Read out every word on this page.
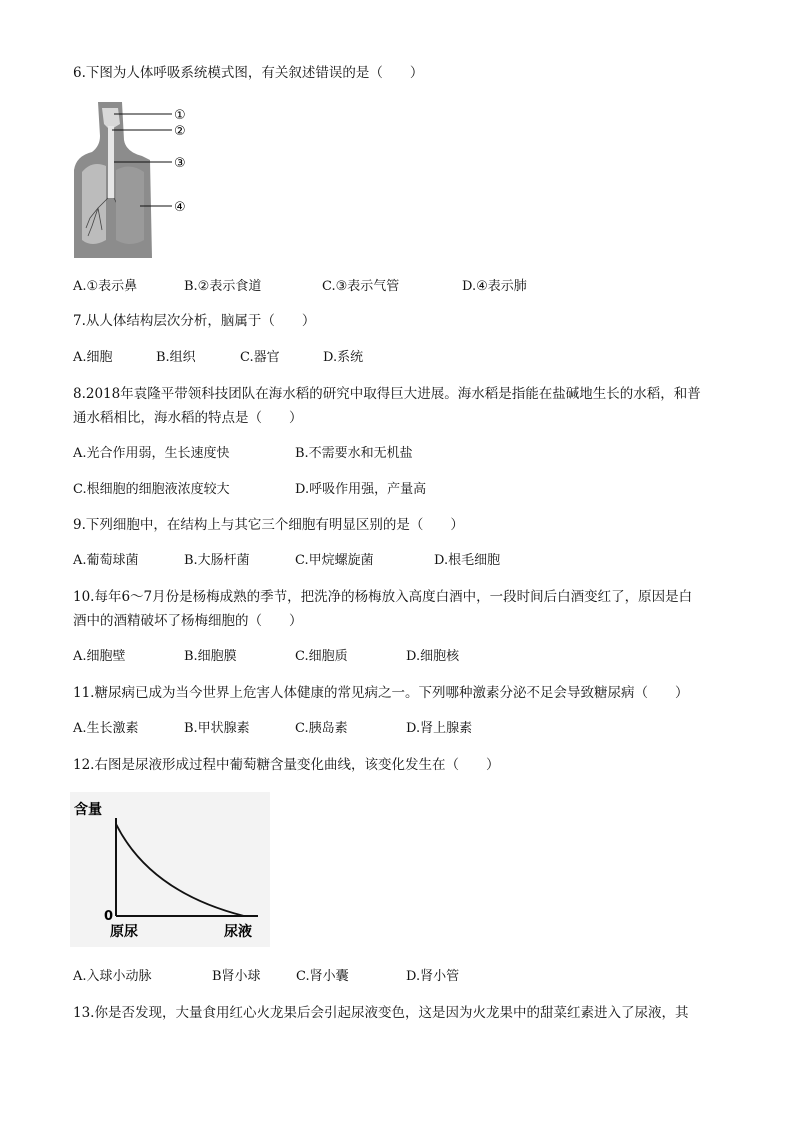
6.下图为人体呼吸系统模式图，有关叙述错误的是（　　）
①
②
③
④
A.①表示鼻	B.②表示食道	C.③表示气管	D.④表示肺
7.从人体结构层次分析，脑属于（　　）
A.细胞	B.组织	C.器官	D.系统
8.2018年袁隆平带领科技团队在海水稻的研究中取得巨大进展。海水稻是指能在盐碱地生长的水稻，和普
通水稻相比，海水稻的特点是（　　）
A.光合作用弱，生长速度快	B.不需要水和无机盐
C.根细胞的细胞液浓度较大	D.呼吸作用强，产量高
9.下列细胞中，在结构上与其它三个细胞有明显区别的是（　　）
A.葡萄球菌	B.大肠杆菌	C.甲烷螺旋菌	D.根毛细胞
10.每年6～7月份是杨梅成熟的季节，把洗净的杨梅放入高度白酒中，一段时间后白酒变红了，原因是白
酒中的酒精破坏了杨梅细胞的（　　）
A.细胞壁	B.细胞膜	C.细胞质	D.细胞核
11.糖尿病已成为当今世界上危害人体健康的常见病之一。下列哪种激素分泌不足会导致糖尿病（　　）
A.生长激素	B.甲状腺素	C.胰岛素	D.肾上腺素
12.右图是尿液形成过程中葡萄糖含量变化曲线，该变化发生在（　　）
含量
0
原尿	尿液
A.入球小动脉	B肾小球	C.肾小囊	D.肾小管
13.你是否发现，大量食用红心火龙果后会引起尿液变色，这是因为火龙果中的甜菜红素进入了尿液，其
